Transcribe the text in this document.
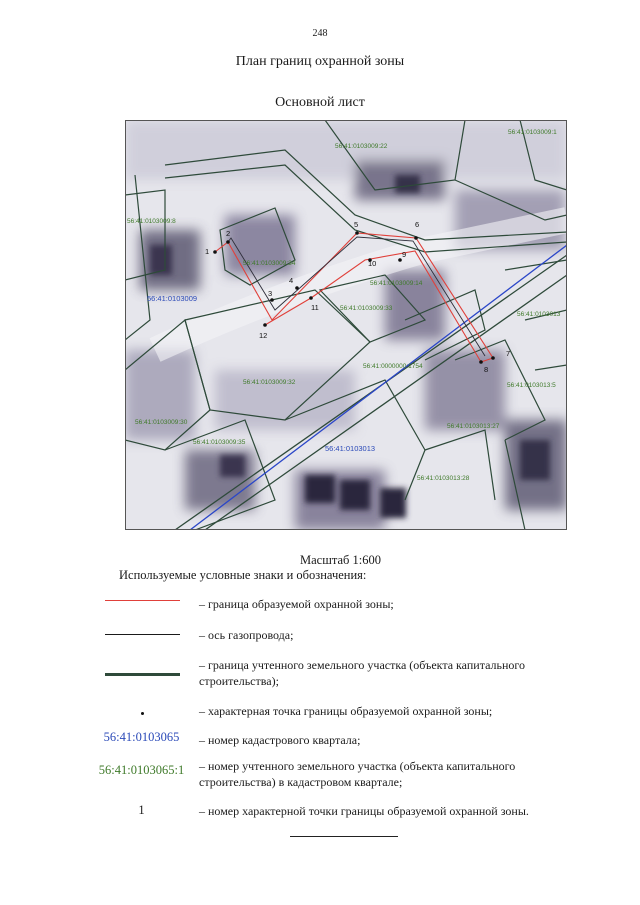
248
План границ охранной зоны
Основной лист
1
2
3
4
5	6
7
8
9
10
11
12
56:41:0103009:22
56:41:0103009:1
56:41:0103009:8
56:41:0103009:34
56:41:0103009:33
56:41:0103009:14
56:41:0103013
56:41:0103009:32
56:41:0103009:30
56:41:0103009:35
56:41:0103013:27
56:41:0103013:28
56:41:0103013:5
56:41:0103009
56:41:0103013
56:41:0000000:1754
Масштаб 1:600
Используемые условные знаки и обозначения:
56:41:0103065
56:41:0103065:1
1
– граница образуемой охранной зоны;
– ось газопровода;
– граница учтенного земельного участка (объекта капитального строительства);
– характерная точка границы образуемой охранной зоны;
– номер кадастрового квартала;
– номер учтенного земельного участка (объекта капитального строительства) в кадастровом квартале;
– номер характерной точки границы образуемой охранной зоны.
